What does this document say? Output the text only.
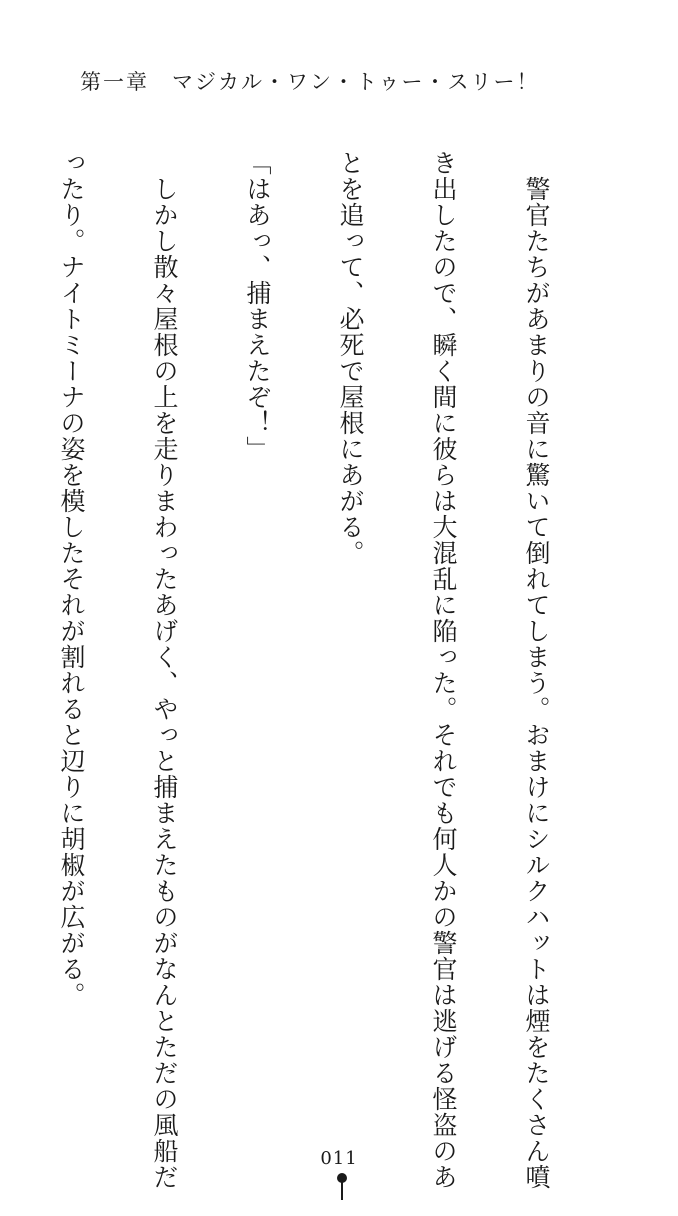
第一章　マジカル・ワン・トゥー・スリー！

　警官たちがあまりの音に驚いて倒れてしまう。おまけにシルクハットは煙をたくさん噴

き出したので、瞬く間に彼らは大混乱に陥った。それでも何人かの警官は逃げる怪盗のあ

とを追って、必死で屋根にあがる。

「はあっ、捕まえたぞ！」

　しかし散々屋根の上を走りまわったあげく、やっと捕まえたものがなんとただの風船だ

ったり。ナイトミーナの姿を模したそれが割れると辺りに胡椒が広がる。

011
